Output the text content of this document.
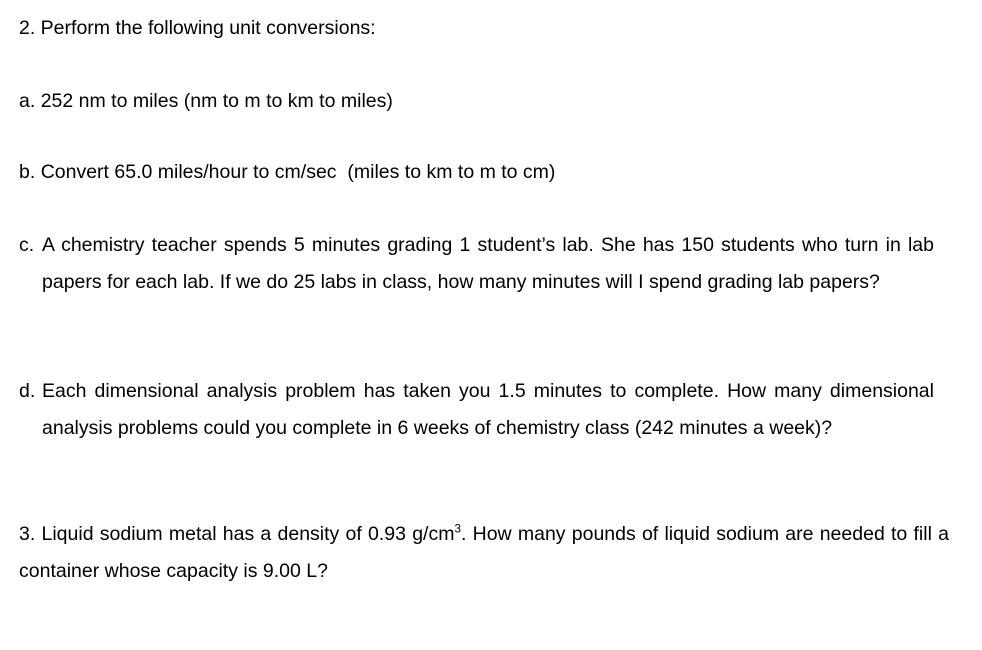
2. Perform the following unit conversions:
a. 252 nm to miles (nm to m to km to miles)
b. Convert 65.0 miles/hour to cm/sec  (miles to km to m to cm)
c. A chemistry teacher spends 5 minutes grading 1 student’s lab. She has 150 students who turn in lab papers for each lab. If we do 25 labs in class, how many minutes will I spend grading lab papers?
d. Each dimensional analysis problem has taken you 1.5 minutes to complete. How many dimensional analysis problems could you complete in 6 weeks of chemistry class (242 minutes a week)?
3. Liquid sodium metal has a density of 0.93 $g/cm^3$. How many pounds of liquid sodium are needed to fill a container whose capacity is 9.00 L?
